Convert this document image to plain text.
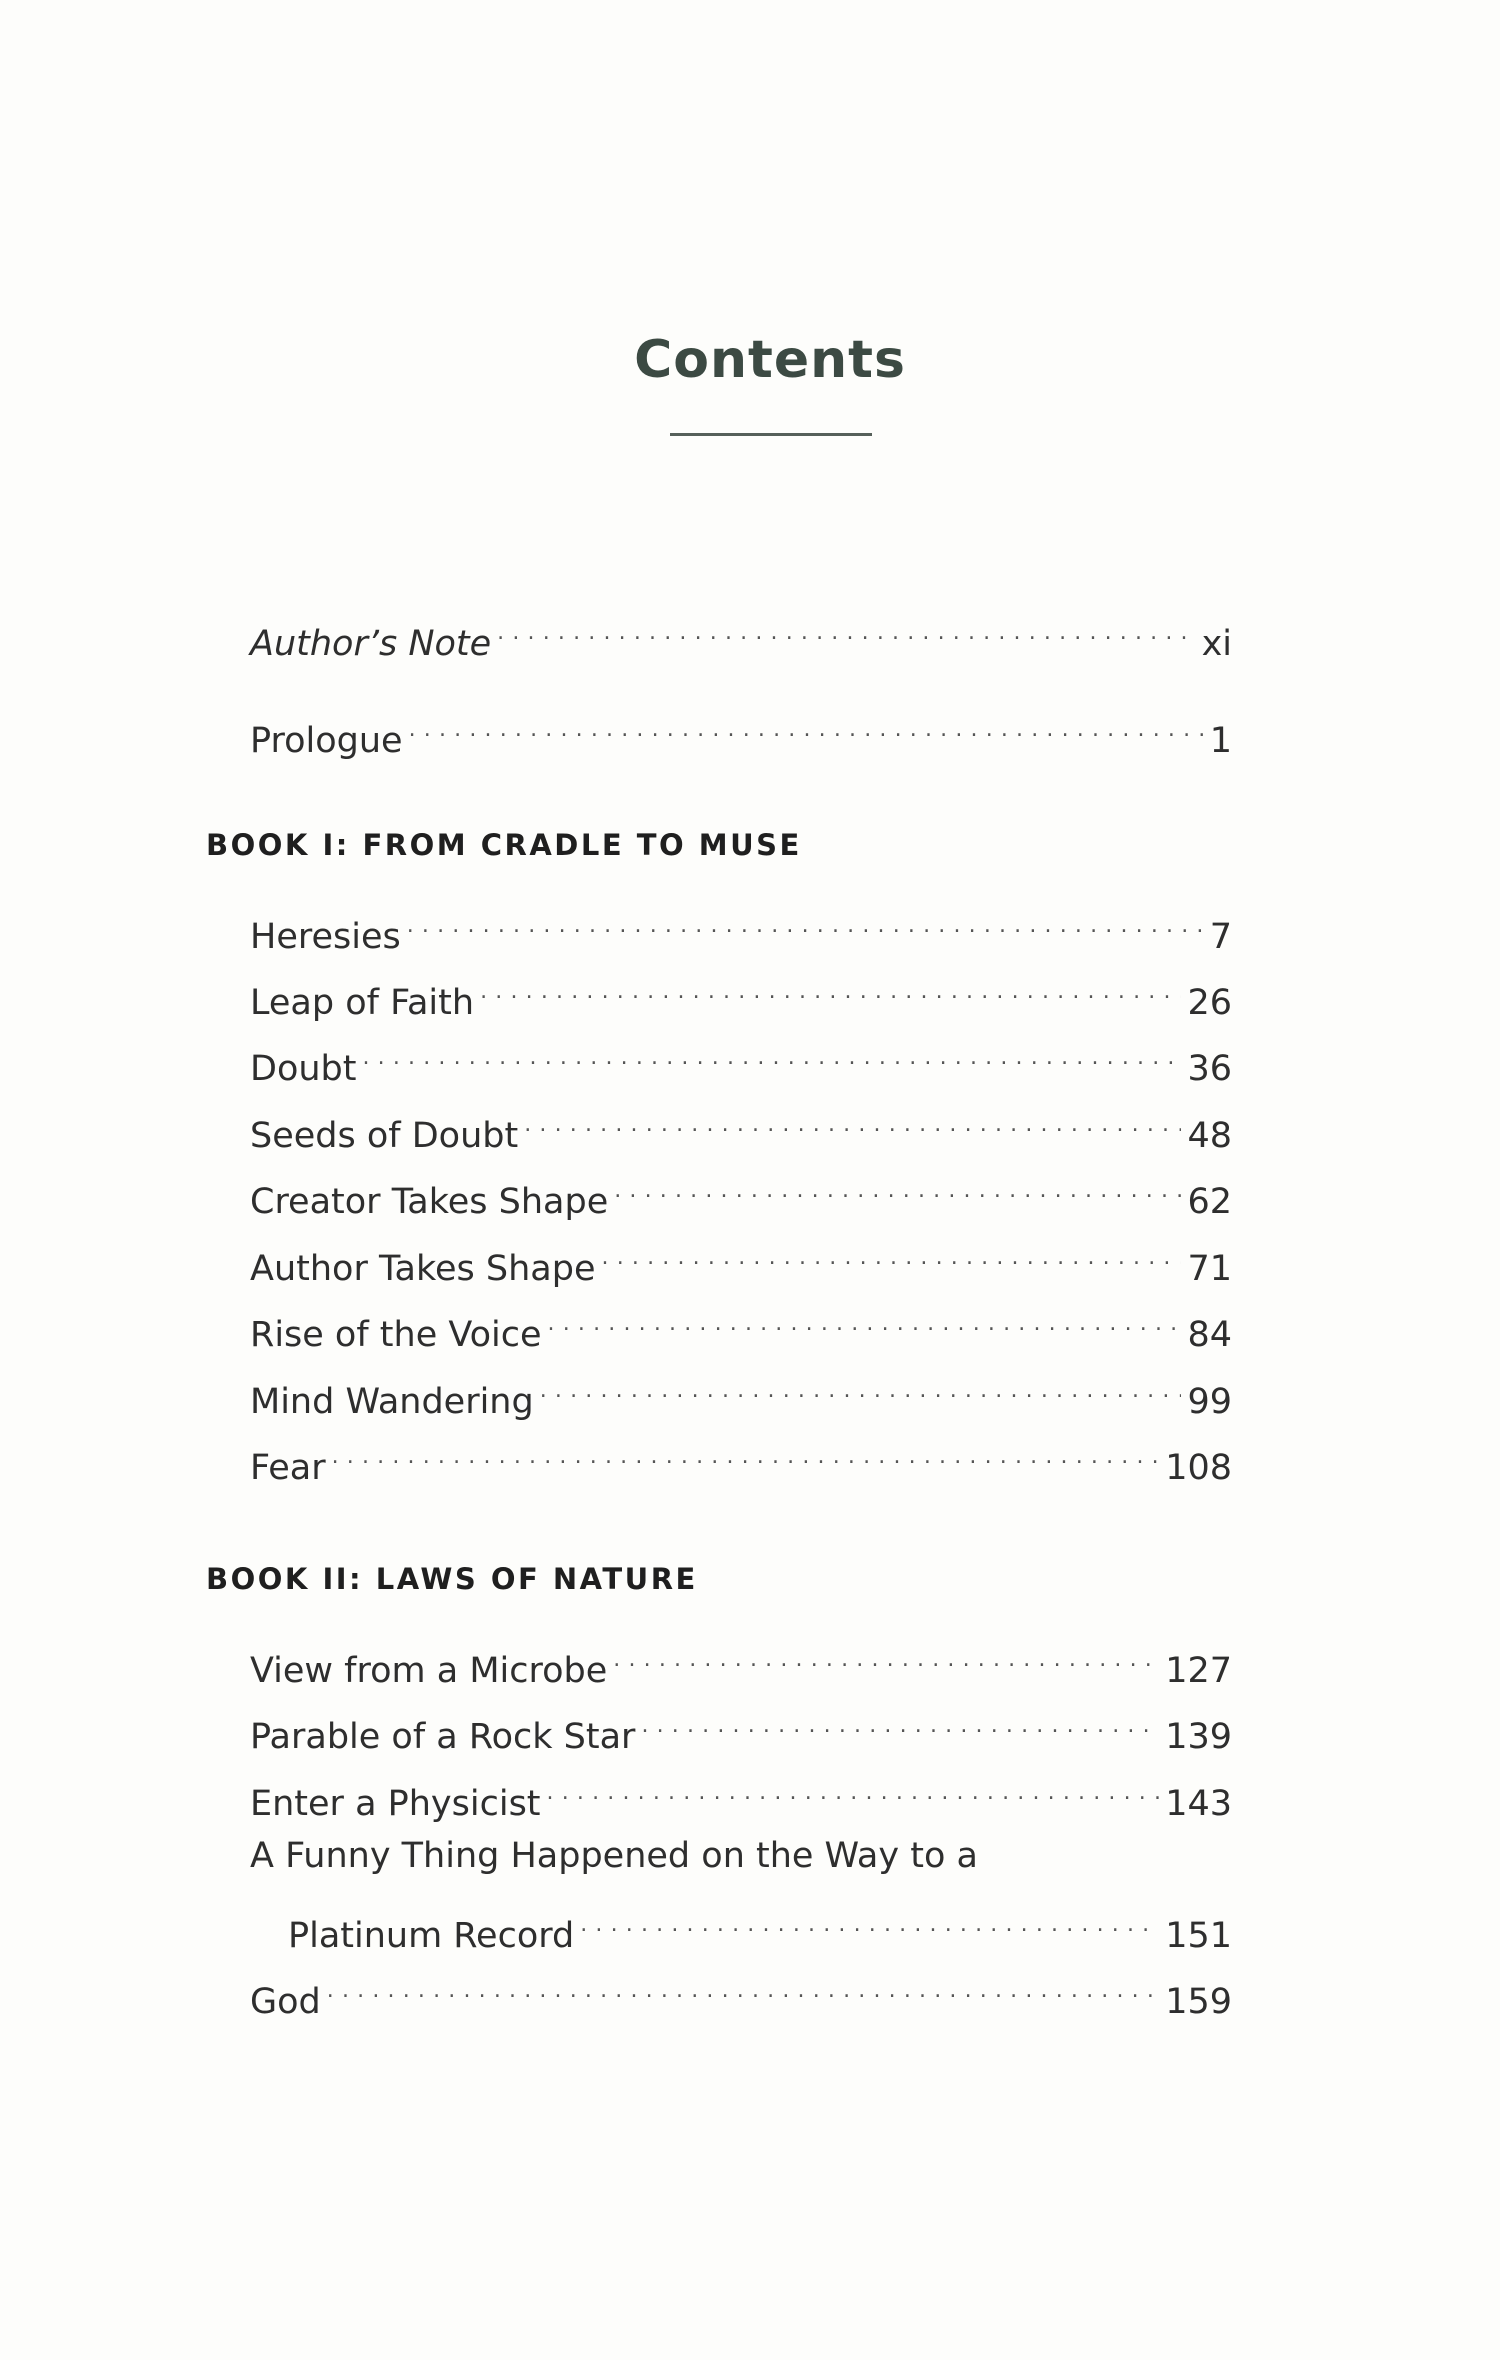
Contents
Author’s Note . . .	xi
Prologue . . .	1
BOOK I: FROM CRADLE TO MUSE
Heresies . . .	7
Leap of Faith . . .	26
Doubt . . .	36
Seeds of Doubt . . .	48
Creator Takes Shape . . .	62
Author Takes Shape . . .	71
Rise of the Voice . . .	84
Mind Wandering . . .	99
Fear . . .	108
BOOK II: LAWS OF NATURE
View from a Microbe . . .	127
Parable of a Rock Star . . .	139
Enter a Physicist . . .	143
A Funny Thing Happened on the Way to a
Platinum Record . . .	151
God . . .	159
